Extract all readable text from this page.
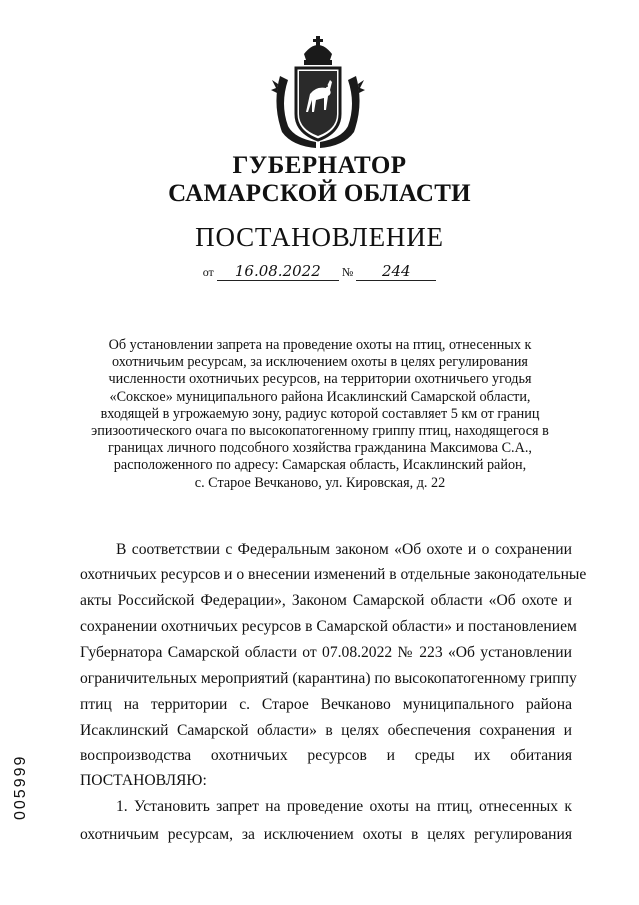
ГУБЕРНАТОР
САМАРСКОЙ ОБЛАСТИ
ПОСТАНОВЛЕНИЕ
от 16.08.2022 № 244
Об установлении запрета на проведение охоты на птиц, отнесенных к
охотничьим ресурсам, за исключением охоты в целях регулирования
численности охотничьих ресурсов, на территории охотничьего угодья
«Сокское» муниципального района Исаклинский Самарской области,
входящей в угрожаемую зону, радиус которой составляет 5 км от границ
эпизоотического очага по высокопатогенному гриппу птиц, находящегося в
границах личного подсобного хозяйства гражданина Максимова С.А.,
расположенного по адресу: Самарская область, Исаклинский район,
с. Старое Вечканово, ул. Кировская, д. 22
В соответствии с Федеральным законом «Об охоте и о сохранении
охотничьих ресурсов и о внесении изменений в отдельные законодательные
акты Российской Федерации», Законом Самарской области «Об охоте и
сохранении охотничьих ресурсов в Самарской области» и постановлением
Губернатора Самарской области от 07.08.2022 № 223 «Об установлении
ограничительных мероприятий (карантина) по высокопатогенному гриппу
птиц на территории с. Старое Вечканово муниципального района
Исаклинский Самарской области» в целях обеспечения сохранения и
воспроизводства охотничьих ресурсов и среды их обитания
ПОСТАНОВЛЯЮ:
1. Установить запрет на проведение охоты на птиц, отнесенных к
охотничьим ресурсам, за исключением охоты в целях регулирования
005999
